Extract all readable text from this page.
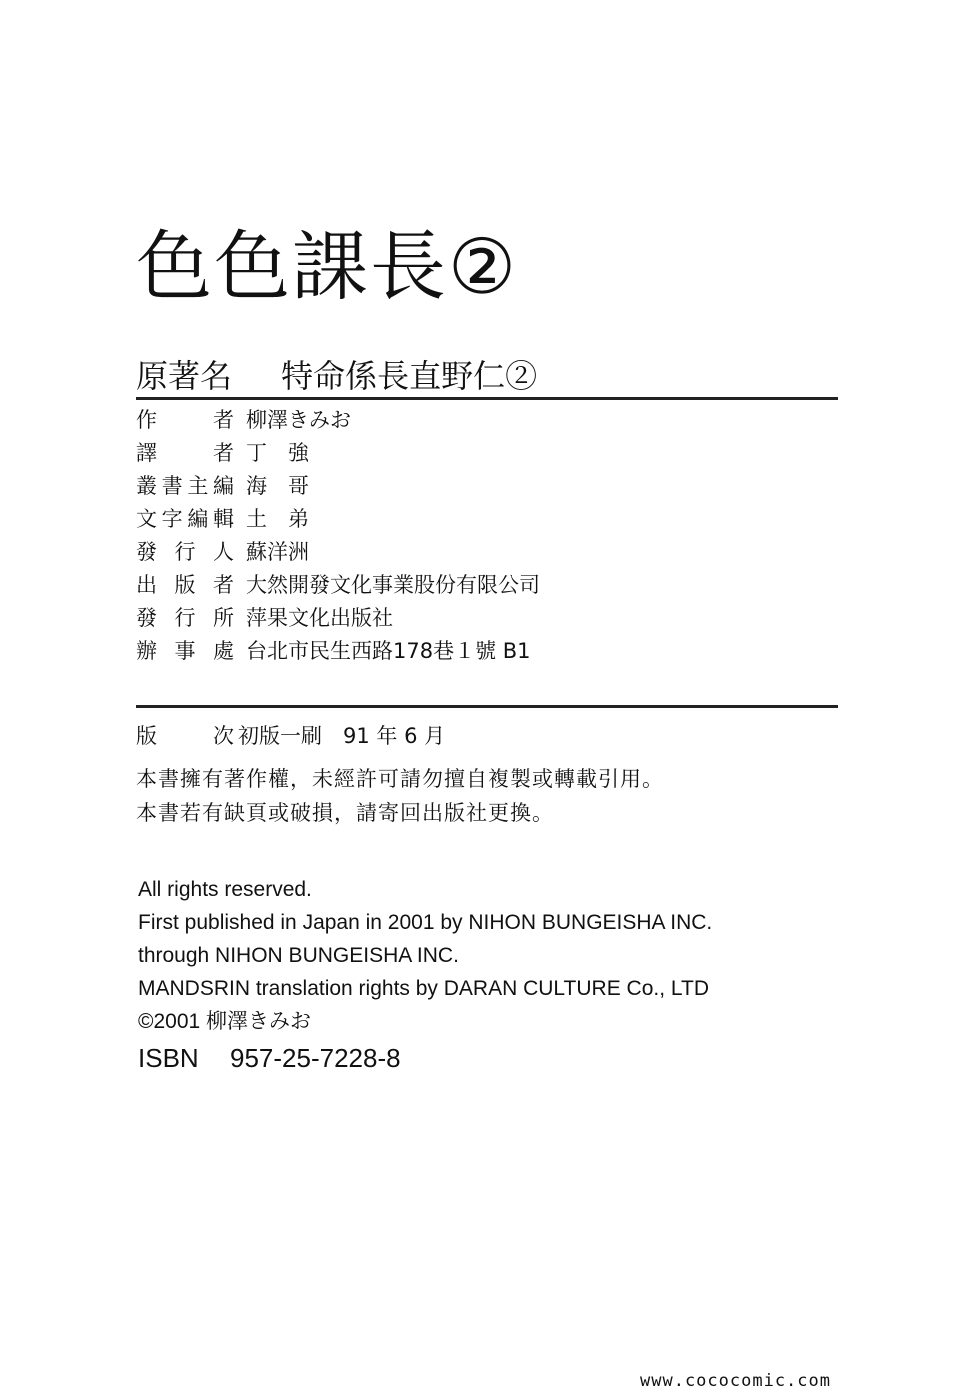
色色課長②
原著名 特命係長直野仁②
作　者 柳澤きみお
譯　者 丁　強
叢書主編 海　哥
文字編輯 土　弟
發行人 蘇洋洲
出版者 大然開發文化事業股份有限公司
發行所 萍果文化出版社
辦事處 台北市民生西路178巷１號 B1
版　次 初版一刷　91 年 6 月
本書擁有著作權，未經許可請勿擅自複製或轉載引用。
本書若有缺頁或破損，請寄回出版社更換。
All rights reserved.
First published in Japan in 2001 by NIHON BUNGEISHA INC.
through NIHON BUNGEISHA INC.
MANDSRIN translation rights by DARAN CULTURE Co., LTD
©2001 柳澤きみお
ISBN 957-25-7228-8
www.cococomic.com
